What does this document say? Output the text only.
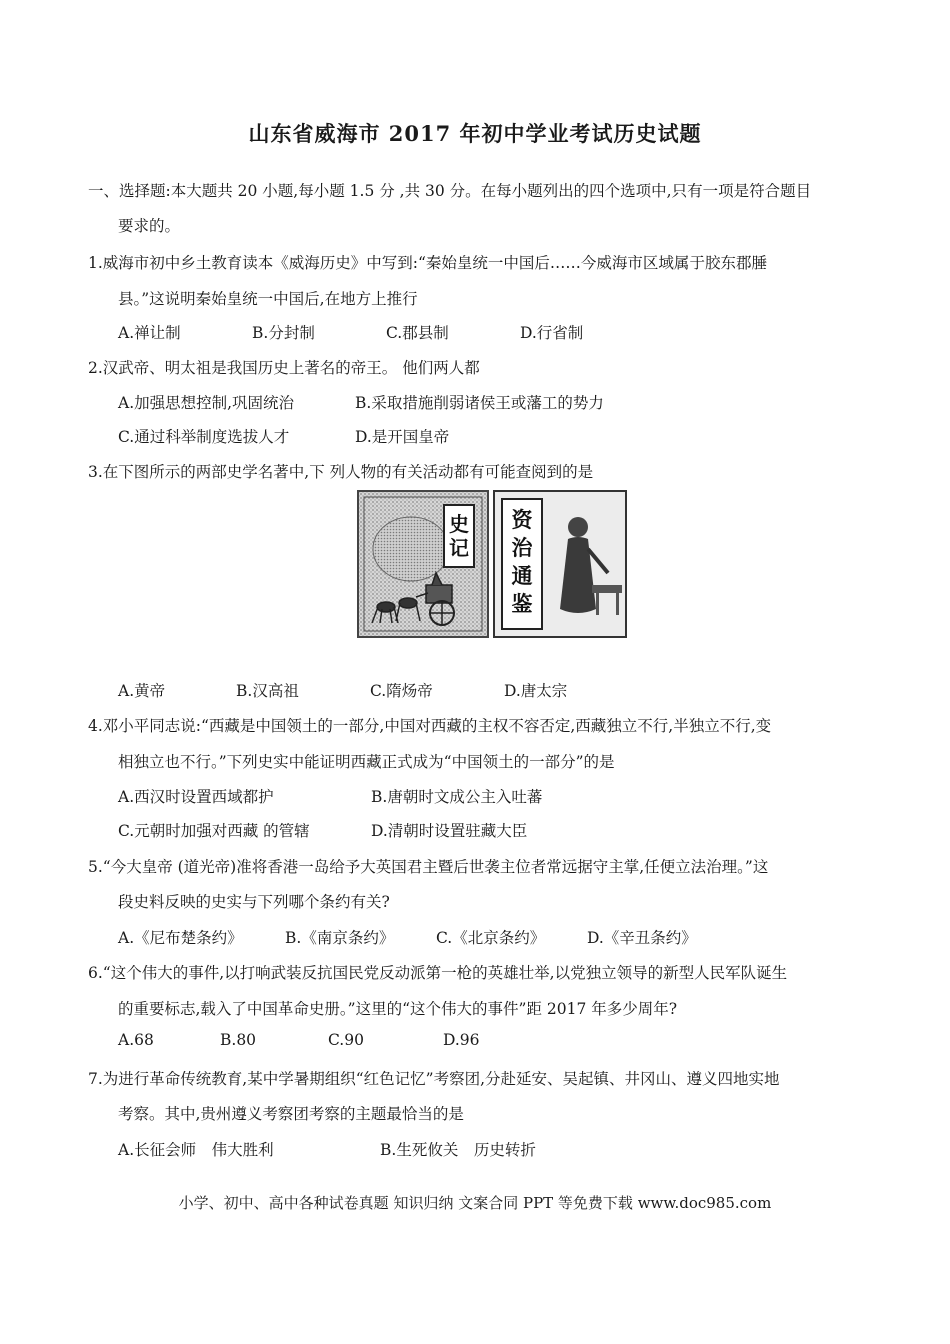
山东省威海市 2017 年初中学业考试历史试题
一、选择题:本大题共 20 小题,每小题 1.5 分 ,共 30 分。在每小题列出的四个选项中,只有一项是符合题目
要求的。
1.威海市初中乡土教育读本《威海历史》中写到:“秦始皇统一中国后……今威海市区域属于胶东郡腄
县。”这说明秦始皇统一中国后,在地方上推行
A.禅让制	B.分封制	C.郡县制	D.行省制
2.汉武帝、明太祖是我国历史上著名的帝王。 他们两人都
A.加强思想控制,巩固统治	B.采取措施削弱诸侯王或藩工的势力
C.通过科举制度选拔人才	D.是开国皇帝
3.在下图所示的两部史学名著中,下 列人物的有关活动都有可能查阅到的是
史
记
资
治
通
鉴
A.黄帝	B.汉高祖	C.隋炀帝	D.唐太宗
4.邓小平同志说:“西藏是中国领土的一部分,中国对西藏的主权不容否定,西藏独立不行,半独立不行,变
相独立也不行。”下列史实中能证明西藏正式成为“中国领土的一部分”的是
A.西汉时设置西域都护	B.唐朝时文成公主入吐蕃
C.元朝时加强对西藏 的管辖	D.清朝时设置驻藏大臣
5.“今大皇帝 (道光帝)准将香港一岛给予大英国君主暨后世袭主位者常远据守主掌,任便立法治理。”这
段史料反映的史实与下列哪个条约有关?
A.《尼布楚条约》	B.《南京条约》	C.《北京条约》	D.《辛丑条约》
6.“这个伟大的事件,以打响武装反抗国民党反动派第一枪的英雄壮举,以党独立领导的新型人民军队诞生
的重要标志,载入了中国革命史册。”这里的“这个伟大的事件”距 2017 年多少周年?
A.68	B.80	C.90	D.96
7.为进行革命传统教育,某中学暑期组织“红色记忆”考察团,分赴延安、吴起镇、井冈山、遵义四地实地
考察。其中,贵州遵义考察团考察的主题最恰当的是
A.长征会师　伟大胜利	B.生死攸关　历史转折
小学、初中、高中各种试卷真题 知识归纳 文案合同 PPT 等免费下载 www.doc985.com
